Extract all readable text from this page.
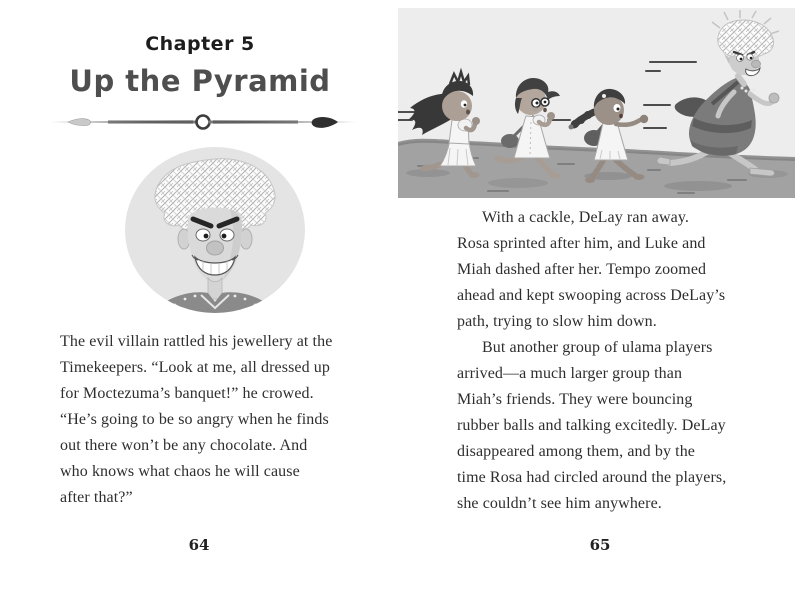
Chapter 5
Up the Pyramid
The evil villain rattled his jewellery at the
Timekeepers. “Look at me, all dressed up
for Moctezuma’s banquet!” he crowed.
“He’s going to be so angry when he finds
out there won’t be any chocolate. And
who knows what chaos he will cause
after that?”
64
With a cackle, DeLay ran away.
Rosa sprinted after him, and Luke and
Miah dashed after her. Tempo zoomed
ahead and kept swooping across DeLay’s
path, trying to slow him down.
But another group of ulama players
arrived—a much larger group than
Miah’s friends. They were bouncing
rubber balls and talking excitedly. DeLay
disappeared among them, and by the
time Rosa had circled around the players,
she couldn’t see him anywhere.
65
